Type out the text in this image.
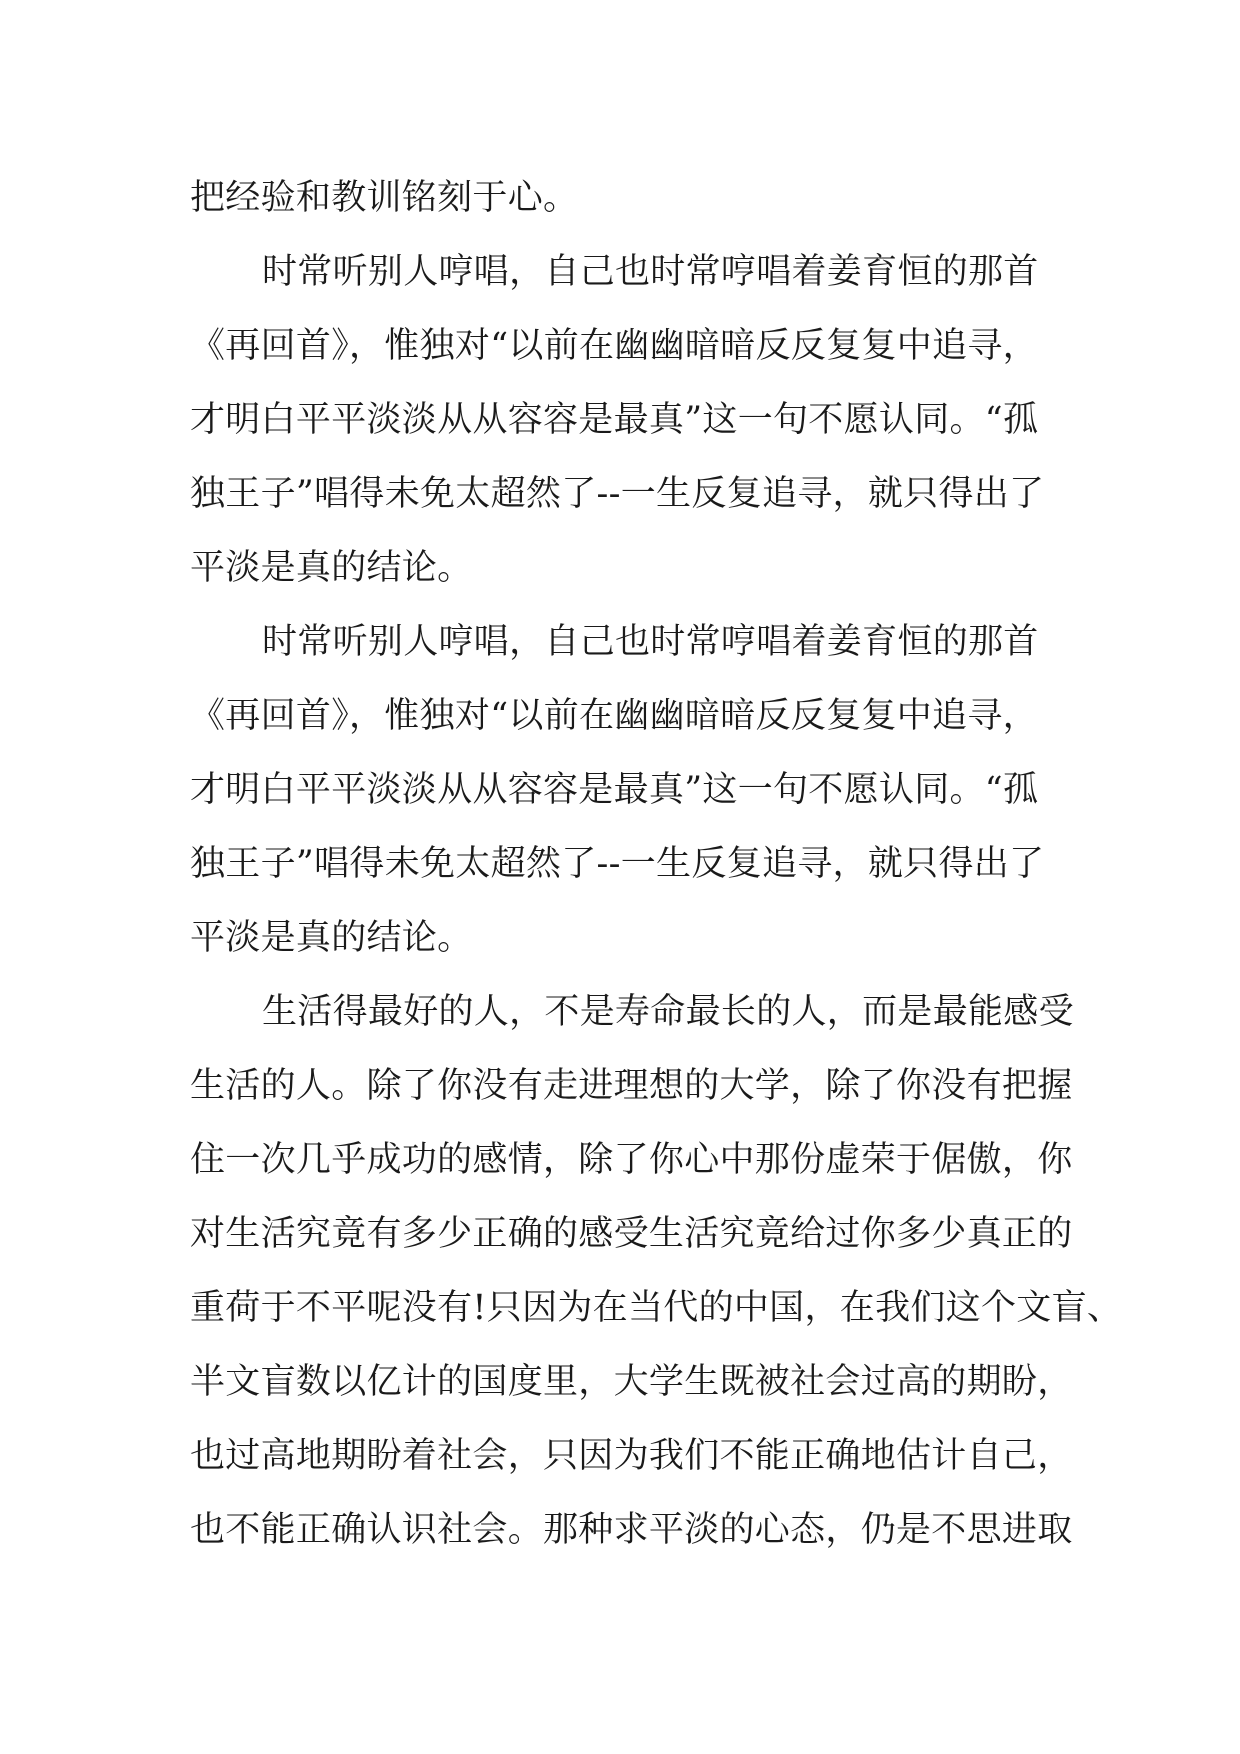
把经验和教训铭刻于心。
时常听别人哼唱，自己也时常哼唱着姜育恒的那首
《再回首》，惟独对“以前在幽幽暗暗反反复复中追寻，
才明白平平淡淡从从容容是最真”这一句不愿认同。“孤
独王子”唱得未免太超然了--一生反复追寻，就只得出了
平淡是真的结论。
时常听别人哼唱，自己也时常哼唱着姜育恒的那首
《再回首》，惟独对“以前在幽幽暗暗反反复复中追寻，
才明白平平淡淡从从容容是最真”这一句不愿认同。“孤
独王子”唱得未免太超然了--一生反复追寻，就只得出了
平淡是真的结论。
生活得最好的人，不是寿命最长的人，而是最能感受
生活的人。除了你没有走进理想的大学，除了你没有把握
住一次几乎成功的感情，除了你心中那份虚荣于倨傲，你
对生活究竟有多少正确的感受生活究竟给过你多少真正的
重荷于不平呢没有!只因为在当代的中国，在我们这个文盲、
半文盲数以亿计的国度里，大学生既被社会过高的期盼，
也过高地期盼着社会，只因为我们不能正确地估计自己，
也不能正确认识社会。那种求平淡的心态，仍是不思进取
